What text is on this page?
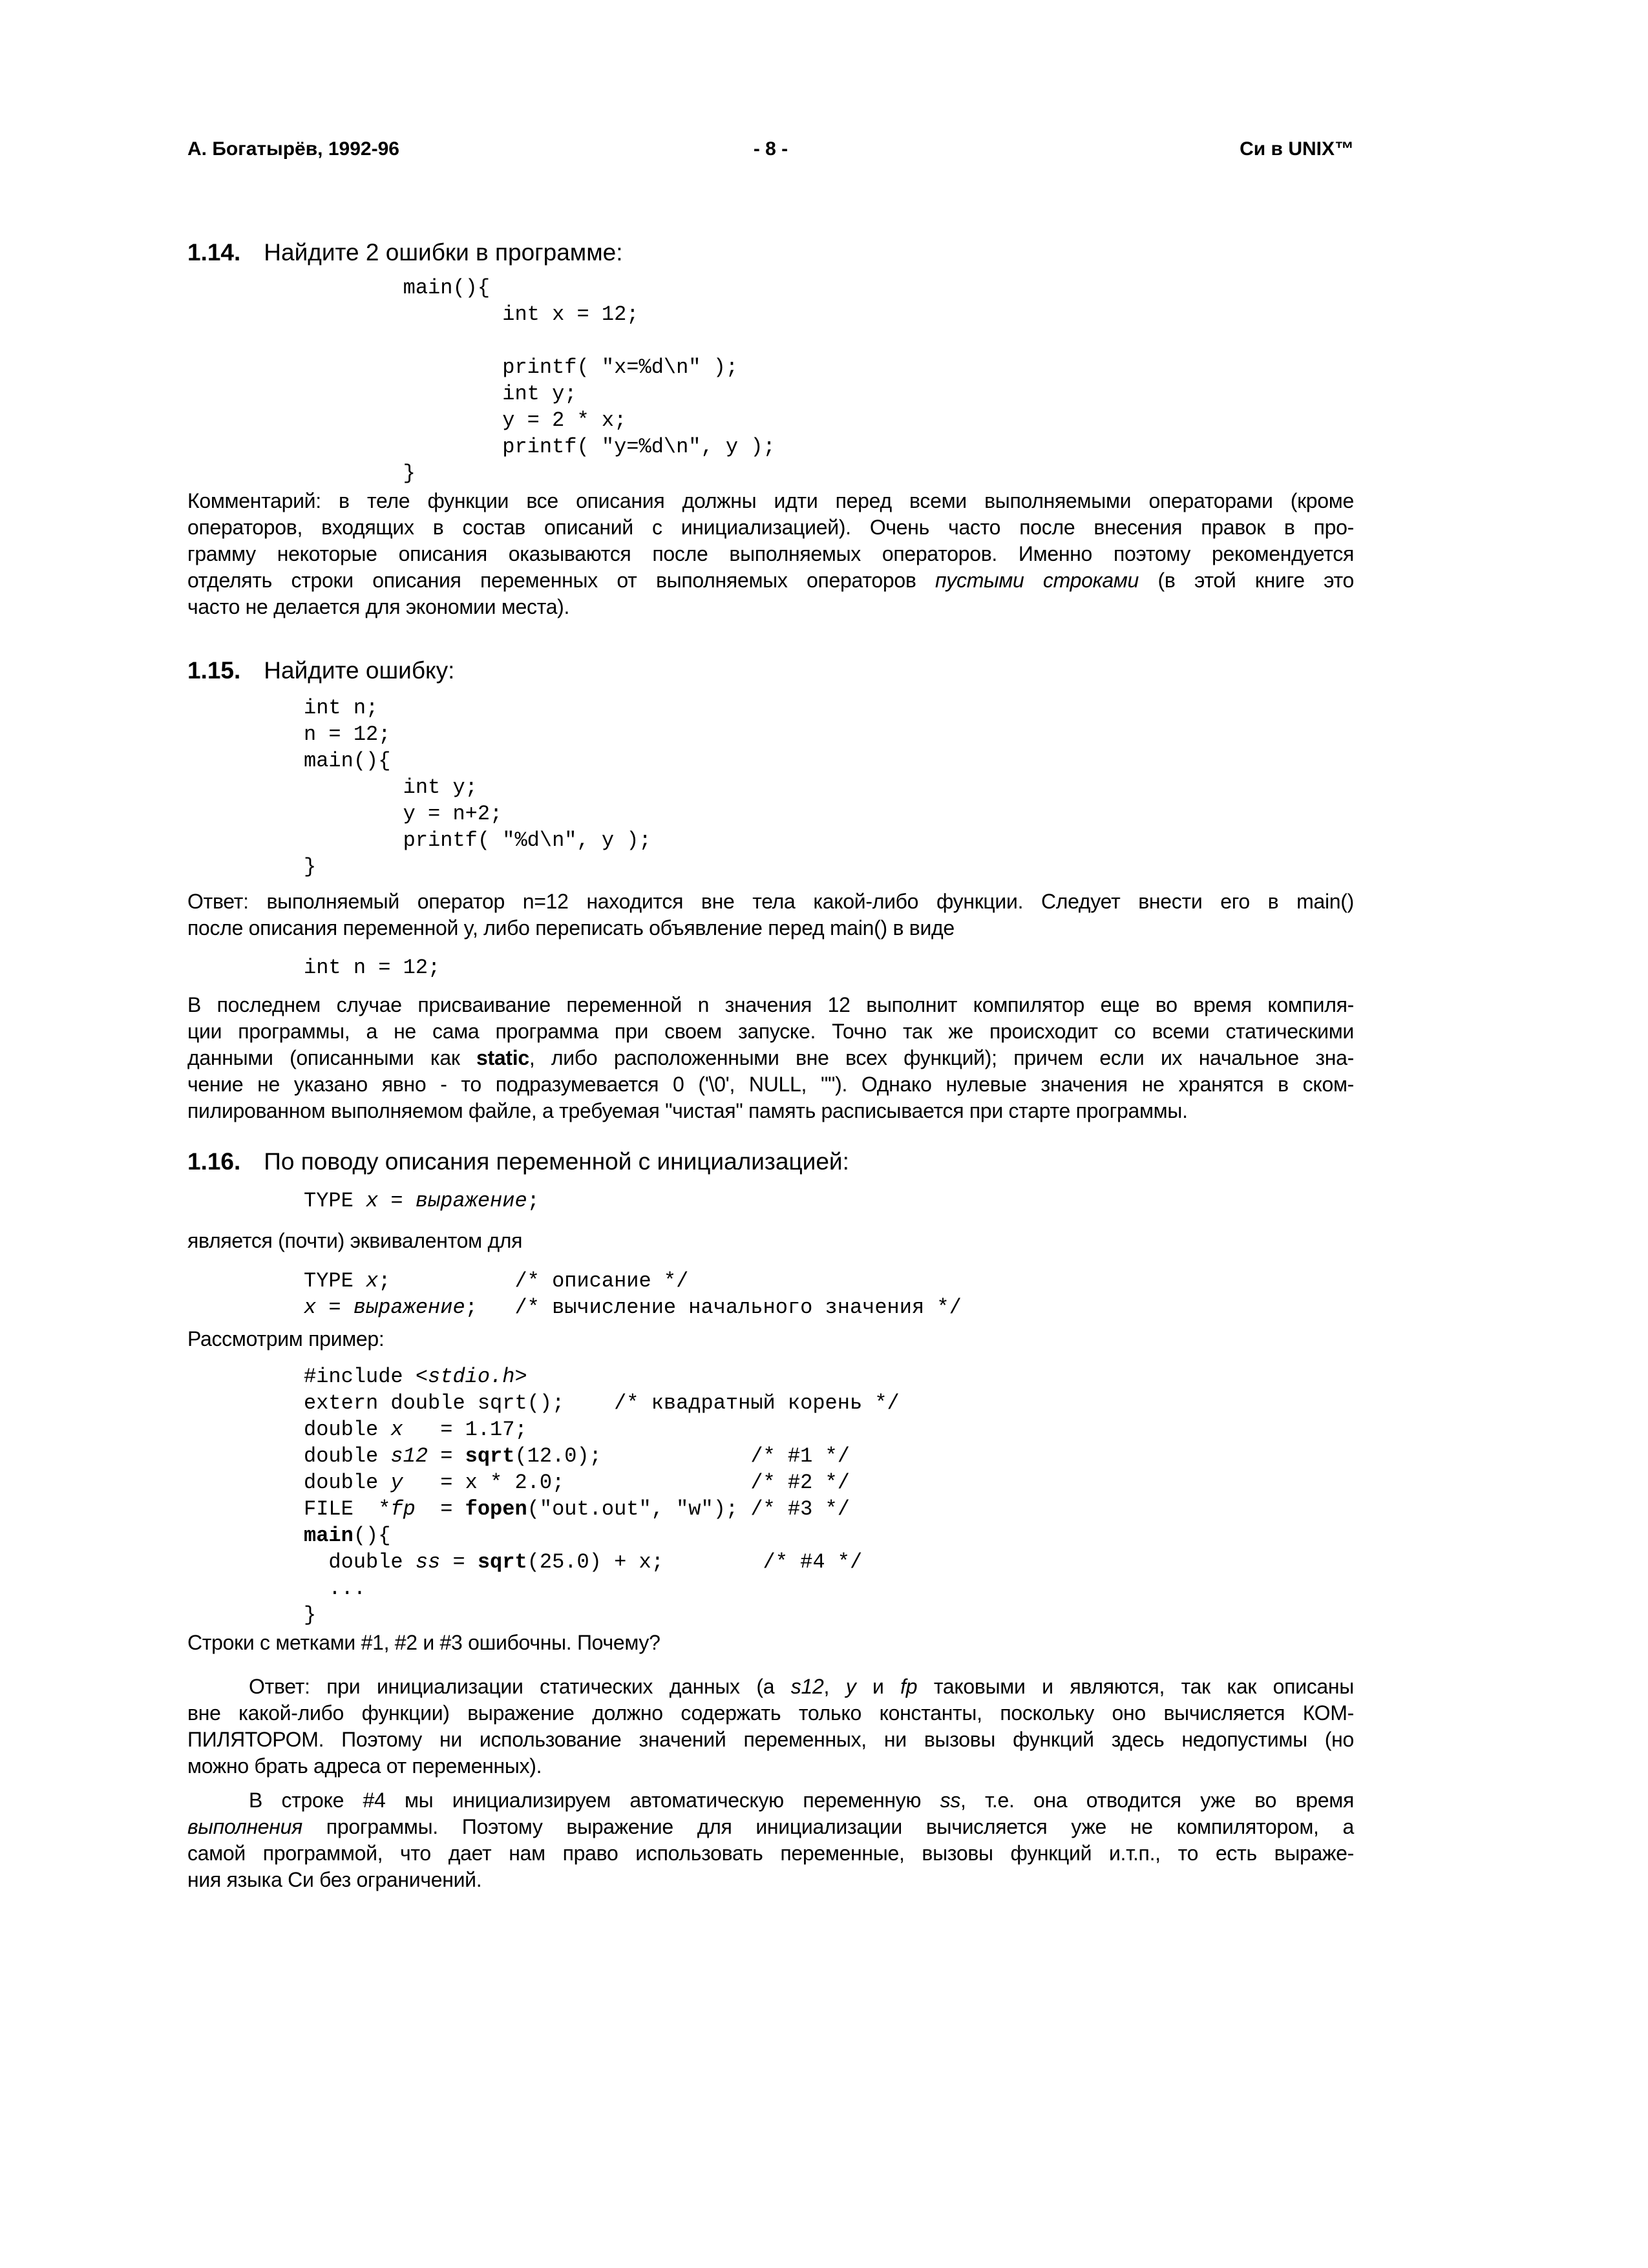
А. Богатырёв, 1992-96	- 8 -	Си в UNIX™
1.14. Найдите 2 ошибки в программе:
main(){
int x = 12;
printf( "x=%d\n" );
int y;
y = 2 * x;
printf( "y=%d\n", y );
}
Комментарий: в теле функции все описания должны идти перед всеми выполняемыми операторами (кроме
операторов, входящих в состав описаний с инициализацией). Очень часто после внесения правок в про-
грамму некоторые описания оказываются после выполняемых операторов. Именно поэтому рекомендуется
отделять строки описания переменных от выполняемых операторов пустыми строками (в этой книге это
часто не делается для экономии места).
1.15. Найдите ошибку:
int n;
n = 12;
main(){
int y;
y = n+2;
printf( "%d\n", y );
}
Ответ: выполняемый оператор n=12 находится вне тела какой-либо функции. Следует внести его в main()
после описания переменной y, либо переписать объявление перед main() в виде
int n = 12;
В последнем случае присваивание переменной n значения 12 выполнит компилятор еще во время компиля-
ции программы, а не сама программа при своем запуске. Точно так же происходит со всеми статическими
данными (описанными как static, либо расположенными вне всех функций); причем если их начальное зна-
чение не указано явно - то подразумевается 0 ('\0', NULL, ""). Однако нулевые значения не хранятся в ском-
пилированном выполняемом файле, а требуемая "чистая" память расписывается при старте программы.
1.16. По поводу описания переменной с инициализацией:
TYPE x = выражение;
является (почти) эквивалентом для
TYPE x;          /* описание */
x = выражение;   /* вычисление начального значения */
Рассмотрим пример:
#include <stdio.h>
extern double sqrt();    /* квадратный корень */
double x   = 1.17;
double s12 = sqrt(12.0);            /* #1 */
double y   = x * 2.0;               /* #2 */
FILE  *fp  = fopen("out.out", "w"); /* #3 */
main(){
double ss = sqrt(25.0) + x;        /* #4 */
...
}
Строки с метками #1, #2 и #3 ошибочны. Почему?
Ответ: при инициализации статических данных (а s12, y и fp таковыми и являются, так как описаны
вне какой-либо функции) выражение должно содержать только константы, поскольку оно вычисляется КОМ-
ПИЛЯТОРОМ. Поэтому ни использование значений переменных, ни вызовы функций здесь недопустимы (но
можно брать адреса от переменных).
В строке #4 мы инициализируем автоматическую переменную ss, т.е. она отводится уже во время
выполнения программы. Поэтому выражение для инициализации вычисляется уже не компилятором, а
самой программой, что дает нам право использовать переменные, вызовы функций и.т.п., то есть выраже-
ния языка Си без ограничений.
